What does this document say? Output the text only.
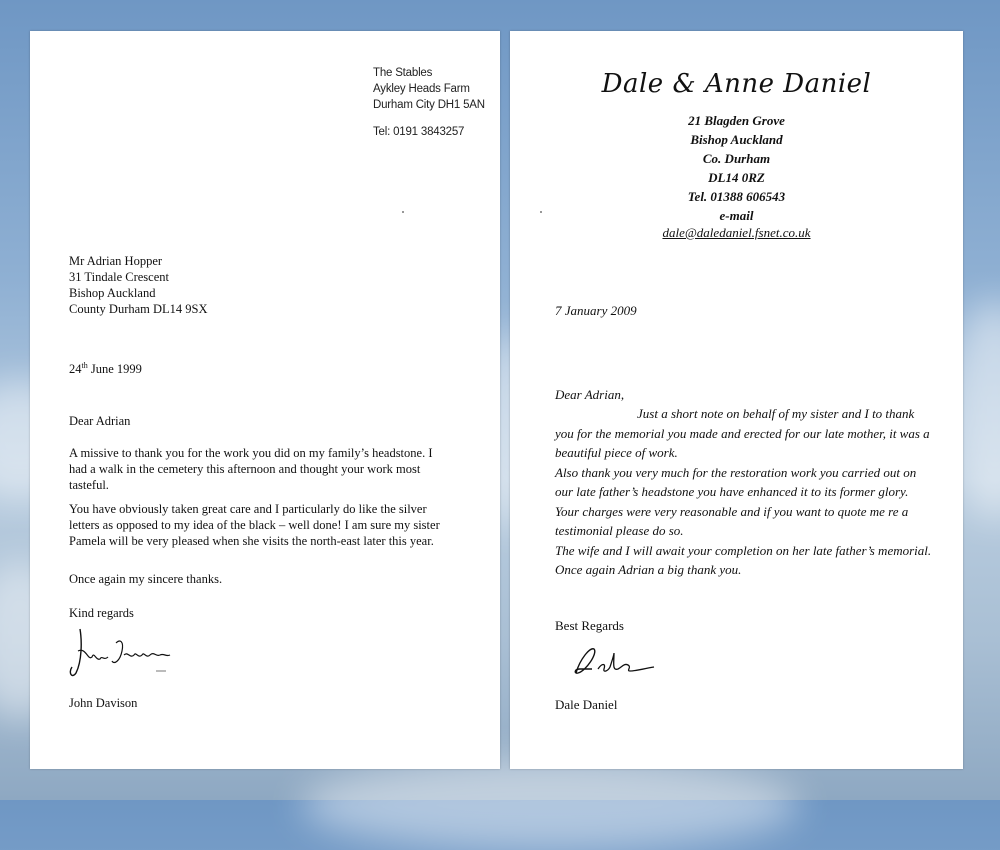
The Stables
Aykley Heads Farm
Durham City DH1 5AN
Tel: 0191 3843257
Mr Adrian Hopper
31 Tindale Crescent
Bishop Auckland
County Durham DL14 9SX
24th June 1999
Dear Adrian
A missive to thank you for the work you did on my family’s headstone. I had a walk in the cemetery this afternoon and thought your work most tasteful.
You have obviously taken great care and I particularly do like the silver letters as opposed to my idea of the black – well done! I am sure my sister Pamela will be very pleased when she visits the north-east later this year.
Once again my sincere thanks.
Kind regards
John Davison
Dale & Anne Daniel
21 Blagden Grove
Bishop Auckland
Co. Durham
DL14 0RZ
Tel. 01388 606543
e-mail
dale@daledaniel.fsnet.co.uk
7 January 2009
Dear Adrian,
Just a short note on behalf of my sister and I to thank
you for the memorial you made and erected for our late mother, it was a
beautiful piece of work.
Also thank you very much for the restoration work you carried out on
our late father’s headstone you have enhanced it to its former glory.
Your charges were very reasonable and if you want to quote me re a
testimonial please do so.
The wife and I will await your completion on her late father’s memorial.
Once again Adrian a big thank you.
Best Regards
Dale Daniel
